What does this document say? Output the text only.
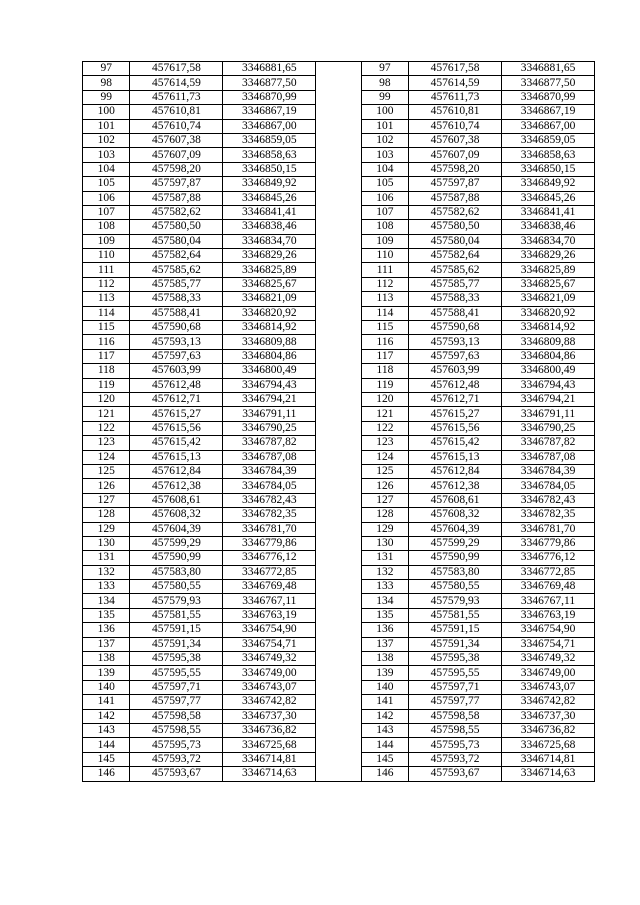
97	457617,58	3346881,65		97	457617,58	3346881,65
98	457614,59	3346877,50		98	457614,59	3346877,50
99	457611,73	3346870,99		99	457611,73	3346870,99
100	457610,81	3346867,19		100	457610,81	3346867,19
101	457610,74	3346867,00		101	457610,74	3346867,00
102	457607,38	3346859,05		102	457607,38	3346859,05
103	457607,09	3346858,63		103	457607,09	3346858,63
104	457598,20	3346850,15		104	457598,20	3346850,15
105	457597,87	3346849,92		105	457597,87	3346849,92
106	457587,88	3346845,26		106	457587,88	3346845,26
107	457582,62	3346841,41		107	457582,62	3346841,41
108	457580,50	3346838,46		108	457580,50	3346838,46
109	457580,04	3346834,70		109	457580,04	3346834,70
110	457582,64	3346829,26		110	457582,64	3346829,26
111	457585,62	3346825,89		111	457585,62	3346825,89
112	457585,77	3346825,67		112	457585,77	3346825,67
113	457588,33	3346821,09		113	457588,33	3346821,09
114	457588,41	3346820,92		114	457588,41	3346820,92
115	457590,68	3346814,92		115	457590,68	3346814,92
116	457593,13	3346809,88		116	457593,13	3346809,88
117	457597,63	3346804,86		117	457597,63	3346804,86
118	457603,99	3346800,49		118	457603,99	3346800,49
119	457612,48	3346794,43		119	457612,48	3346794,43
120	457612,71	3346794,21		120	457612,71	3346794,21
121	457615,27	3346791,11		121	457615,27	3346791,11
122	457615,56	3346790,25		122	457615,56	3346790,25
123	457615,42	3346787,82		123	457615,42	3346787,82
124	457615,13	3346787,08		124	457615,13	3346787,08
125	457612,84	3346784,39		125	457612,84	3346784,39
126	457612,38	3346784,05		126	457612,38	3346784,05
127	457608,61	3346782,43		127	457608,61	3346782,43
128	457608,32	3346782,35		128	457608,32	3346782,35
129	457604,39	3346781,70		129	457604,39	3346781,70
130	457599,29	3346779,86		130	457599,29	3346779,86
131	457590,99	3346776,12		131	457590,99	3346776,12
132	457583,80	3346772,85		132	457583,80	3346772,85
133	457580,55	3346769,48		133	457580,55	3346769,48
134	457579,93	3346767,11		134	457579,93	3346767,11
135	457581,55	3346763,19		135	457581,55	3346763,19
136	457591,15	3346754,90		136	457591,15	3346754,90
137	457591,34	3346754,71		137	457591,34	3346754,71
138	457595,38	3346749,32		138	457595,38	3346749,32
139	457595,55	3346749,00		139	457595,55	3346749,00
140	457597,71	3346743,07		140	457597,71	3346743,07
141	457597,77	3346742,82		141	457597,77	3346742,82
142	457598,58	3346737,30		142	457598,58	3346737,30
143	457598,55	3346736,82		143	457598,55	3346736,82
144	457595,73	3346725,68		144	457595,73	3346725,68
145	457593,72	3346714,81		145	457593,72	3346714,81
146	457593,67	3346714,63		146	457593,67	3346714,63
